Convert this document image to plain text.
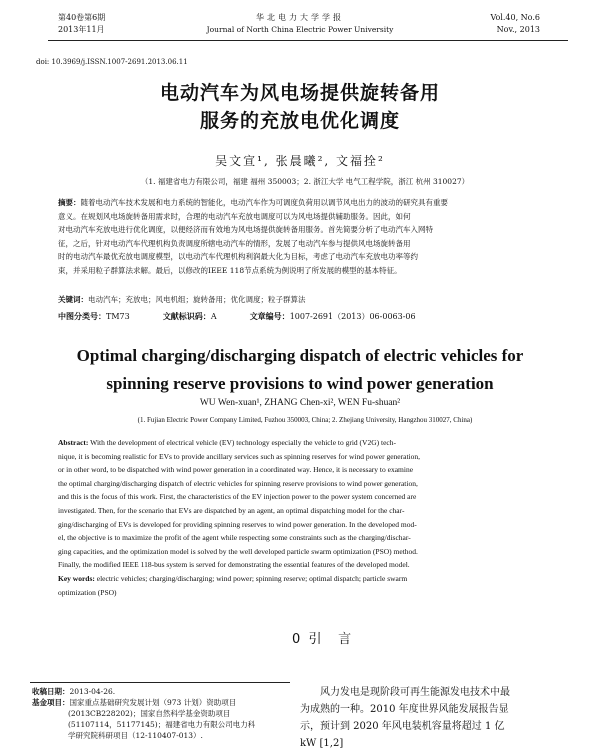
第40卷第6期
2013年11月
华北电力大学学报
Journal of North China Electric Power University
Vol.40, No.6
Nov., 2013
doi: 10.3969/j.ISSN.1007-2691.2013.06.11
电动汽车为风电场提供旋转备用
服务的充放电优化调度
吴文宣¹, 张晨曦², 文福拴²
（1. 福建省电力有限公司，福建 福州 350003；2. 浙江大学 电气工程学院，浙江 杭州 310027）
摘要：随着电动汽车技术发展和电力系统的智能化，电动汽车作为可调度负荷用以调节风电出力的波动的研究具有重要
意义。在规划风电场旋转备用需求时，合理的电动汽车充放电调度可以为风电场提供辅助服务。因此，如何
对电动汽车充放电进行优化调度，以便经济而有效地为风电场提供旋转备用服务。首先简要分析了电动汽车入网特
征，之后，针对电动汽车代理机构负责调度所辖电动汽车的情形，发展了电动汽车参与提供风电场旋转备用
时的电动汽车最优充放电调度模型，以电动汽车代理机构利润最大化为目标，考虑了电动汽车充放电功率等约
束，并采用粒子群算法求解。最后，以修改的IEEE 118节点系统为例说明了所发展的模型的基本特征。
关键词：电动汽车；充放电；风电机组；旋转备用；优化调度；粒子群算法
中图分类号：TM73	文献标识码：A	文章编号：1007-2691（2013）06-0063-06
Optimal charging/discharging dispatch of electric vehicles for
spinning reserve provisions to wind power generation
WU Wen-xuan¹, ZHANG Chen-xi², WEN Fu-shuan²
(1. Fujian Electric Power Company Limited, Fuzhou 350003, China; 2. Zhejiang University, Hangzhou 310027, China)
Abstract: With the development of electrical vehicle (EV) technology especially the vehicle to grid (V2G) tech-
nique, it is becoming realistic for EVs to provide ancillary services such as spinning reserves for wind power generation,
or in other word, to be dispatched with wind power generation in a coordinated way. Hence, it is necessary to examine
the optimal charging/discharging dispatch of electric vehicles for spinning reserve provisions to wind power generation,
and this is the focus of this work. First, the characteristics of the EV injection power to the power system concerned are
investigated. Then, for the scenario that EVs are dispatched by an agent, an optimal dispatching model for the char-
ging/discharging of EVs is developed for providing spinning reserves to wind power generation. In the developed mod-
el, the objective is to maximize the profit of the agent while respecting some constraints such as the charging/dischar-
ging capacities, and the optimization model is solved by the well developed particle swarm optimization (PSO) method.
Finally, the modified IEEE 118-bus system is served for demonstrating the essential features of the developed model.
Key words: electric vehicles; charging/discharging; wind power; spinning reserve; optimal dispatch; particle swarm
optimization (PSO)
0  引    言
收稿日期：2013-04-26.
基金项目：国家重点基础研究发展计划（973 计划）资助项目
(2013CB228202)；国家自然科学基金资助项目
(51107114，51177145)；福建省电力有限公司电力科
学研究院科研项目（12-110407-013）.
风力发电是现阶段可再生能源发电技术中最
为成熟的一种。2010 年度世界风能发展报告显
示，预计到 2020 年风电装机容量将超过 1 亿
kW [1,2]
